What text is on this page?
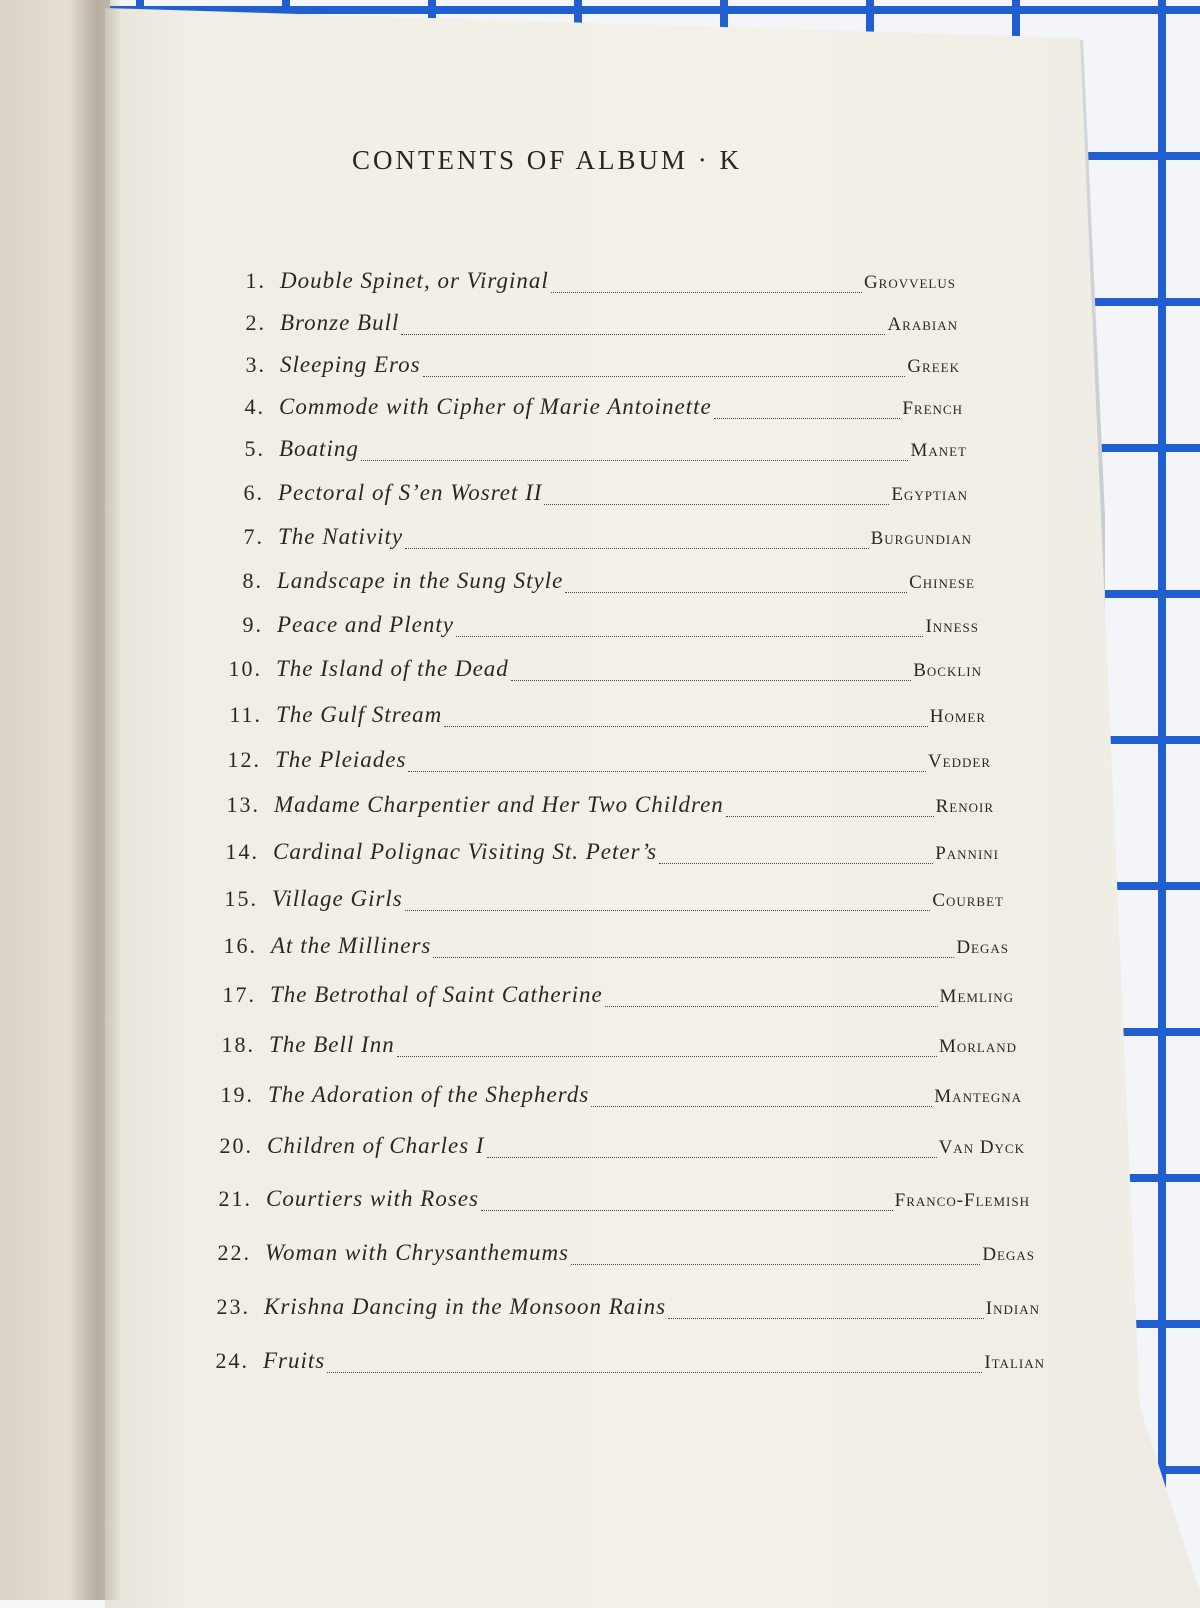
CONTENTS OF ALBUM · K
1. Double Spinet, or Virginal	Grovvelus
2. Bronze Bull	Arabian
3. Sleeping Eros	Greek
4. Commode with Cipher of Marie Antoinette	French
5. Boating	Manet
6. Pectoral of S’en Wosret II	Egyptian
7. The Nativity	Burgundian
8. Landscape in the Sung Style	Chinese
9. Peace and Plenty	Inness
10. The Island of the Dead	Bocklin
11. The Gulf Stream	Homer
12. The Pleiades	Vedder
13. Madame Charpentier and Her Two Children	Renoir
14. Cardinal Polignac Visiting St. Peter’s	Pannini
15. Village Girls	Courbet
16. At the Milliners	Degas
17. The Betrothal of Saint Catherine	Memling
18. The Bell Inn	Morland
19. The Adoration of the Shepherds	Mantegna
20. Children of Charles I	Van Dyck
21. Courtiers with Roses	Franco-Flemish
22. Woman with Chrysanthemums	Degas
23. Krishna Dancing in the Monsoon Rains	Indian
24. Fruits	Italian
